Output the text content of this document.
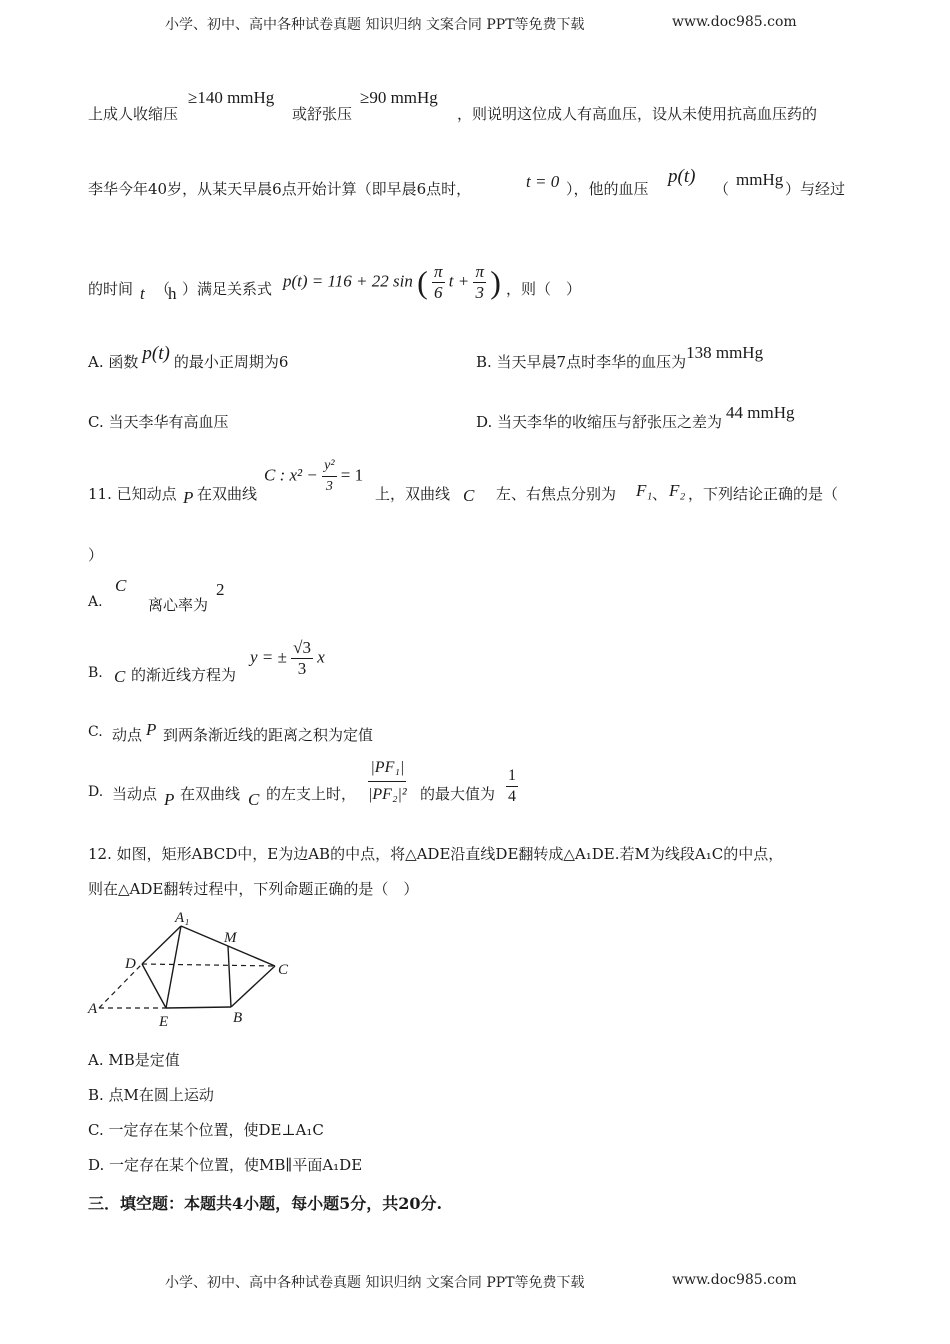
小学、初中、高中各种试卷真题 知识归纳 文案合同 PPT等免费下载	www.doc985.com
上成人收缩压
≥140 mmHg
或舒张压
≥90 mmHg
，则说明这位成人有高血压，设从未使用抗高血压药的
李华今年40岁，从某天早晨6点开始计算（即早晨6点时，	t = 0 ），他的血压
p(t)
（ mmHg ）与经过
的时间 t （
h ）满足关系式 p(t) = 116 + 22 sin ( $\frac{\pi}{6}$ $t + \frac{\pi}{3}$ ) ，则（　）
A. 函数 p(t) 的最小正周期为6	B. 当天早晨7点时李华的血压为138 mmHg
C. 当天李华有高血压	D. 当天李华的收缩压与舒张压之差为 44 mmHg
11. 已知动点 P 在双曲线
C : $x^2 - \frac{\text{y²}}{3} = 1$
上，双曲线 C 左、右焦点分别为 F₁ 、 F₂ ，下列结论正确的是（
）
A.
C
离心率为
2
B. C 的渐近线方程为
y = ± $\frac{√3}{3}$ x
C. 动点 P 到两条渐近线的距离之积为定值
D. 当动点 P 在双曲线 C 的左支上时， $\frac{\text{|PF₁|}}{\text{|PF₂|²}}$ 的最大值为 $\frac{1}{4}$
12. 如图，矩形ABCD中，E为边AB的中点，将△ADE沿直线DE翻转成△A₁DE.若M为线段A₁C的中点，
则在△ADE翻转过程中，下列命题正确的是（　）
A₁
M
D	C
A
E	B
A. MB是定值
B. 点M在圆上运动
C. 一定存在某个位置，使DE⊥A₁C
D. 一定存在某个位置，使MB∥平面A₁DE
三．填空题：本题共4小题，每小题5分，共20分.
小学、初中、高中各种试卷真题 知识归纳 文案合同 PPT等免费下载	www.doc985.com
